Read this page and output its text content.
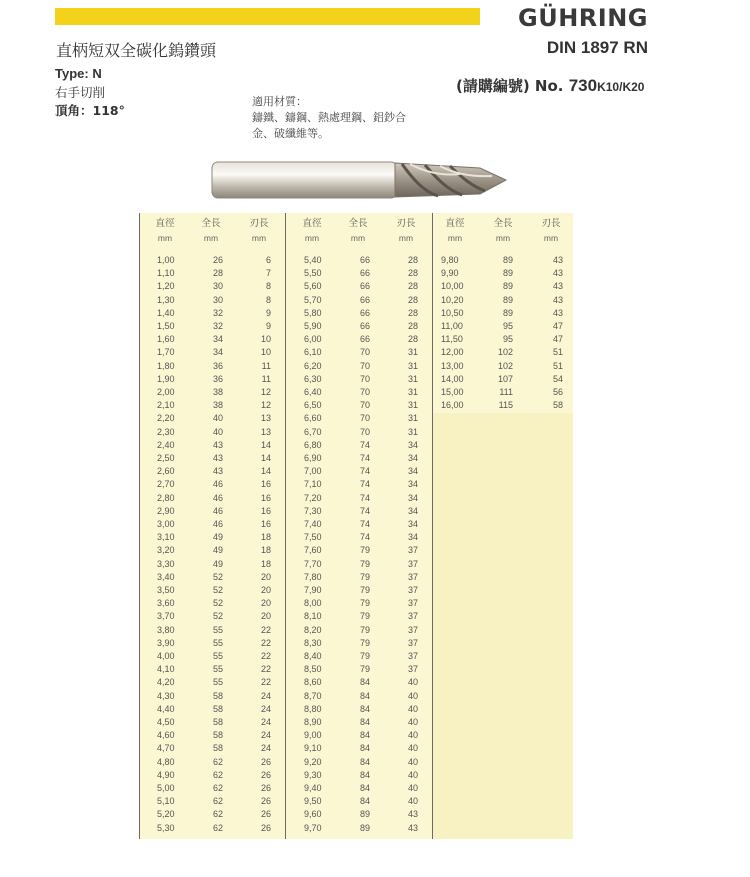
GÜHRING
DIN 1897 RN
直柄短双全碳化鎢鑽頭
Type: N
右手切削
頂角：118°
(請購編號) No. 730K10/K20
適用材質：
鑄鐵、鑄鋼、熱處理鋼、鋁鈔合
金、破纖維等。
直徑	全長	刃長
mm	mm	mm
1,00	26	6
1,10	28	7
1,20	30	8
1,30	30	8
1,40	32	9
1,50	32	9
1,60	34	10
1,70	34	10
1,80	36	11
1,90	36	11
2,00	38	12
2,10	38	12
2,20	40	13
2,30	40	13
2,40	43	14
2,50	43	14
2,60	43	14
2,70	46	16
2,80	46	16
2,90	46	16
3,00	46	16
3,10	49	18
3,20	49	18
3,30	49	18
3,40	52	20
3,50	52	20
3,60	52	20
3,70	52	20
3,80	55	22
3,90	55	22
4,00	55	22
4,10	55	22
4,20	55	22
4,30	58	24
4,40	58	24
4,50	58	24
4,60	58	24
4,70	58	24
4,80	62	26
4,90	62	26
5,00	62	26
5,10	62	26
5,20	62	26
5,30	62	26
直徑	全長	刃長
mm	mm	mm
5,40	66	28
5,50	66	28
5,60	66	28
5,70	66	28
5,80	66	28
5,90	66	28
6,00	66	28
6,10	70	31
6,20	70	31
6,30	70	31
6,40	70	31
6,50	70	31
6,60	70	31
6,70	70	31
6,80	74	34
6,90	74	34
7,00	74	34
7,10	74	34
7,20	74	34
7,30	74	34
7,40	74	34
7,50	74	34
7,60	79	37
7,70	79	37
7,80	79	37
7,90	79	37
8,00	79	37
8,10	79	37
8,20	79	37
8,30	79	37
8,40	79	37
8,50	79	37
8,60	84	40
8,70	84	40
8,80	84	40
8,90	84	40
9,00	84	40
9,10	84	40
9,20	84	40
9,30	84	40
9,40	84	40
9,50	84	40
9,60	89	43
9,70	89	43
直徑	全長	刃長
mm	mm	mm
9,80	89	43
9,90	89	43
10,00	89	43
10,20	89	43
10,50	89	43
11,00	95	47
11,50	95	47
12,00	102	51
13,00	102	51
14,00	107	54
15,00	111	56
16,00	115	58
